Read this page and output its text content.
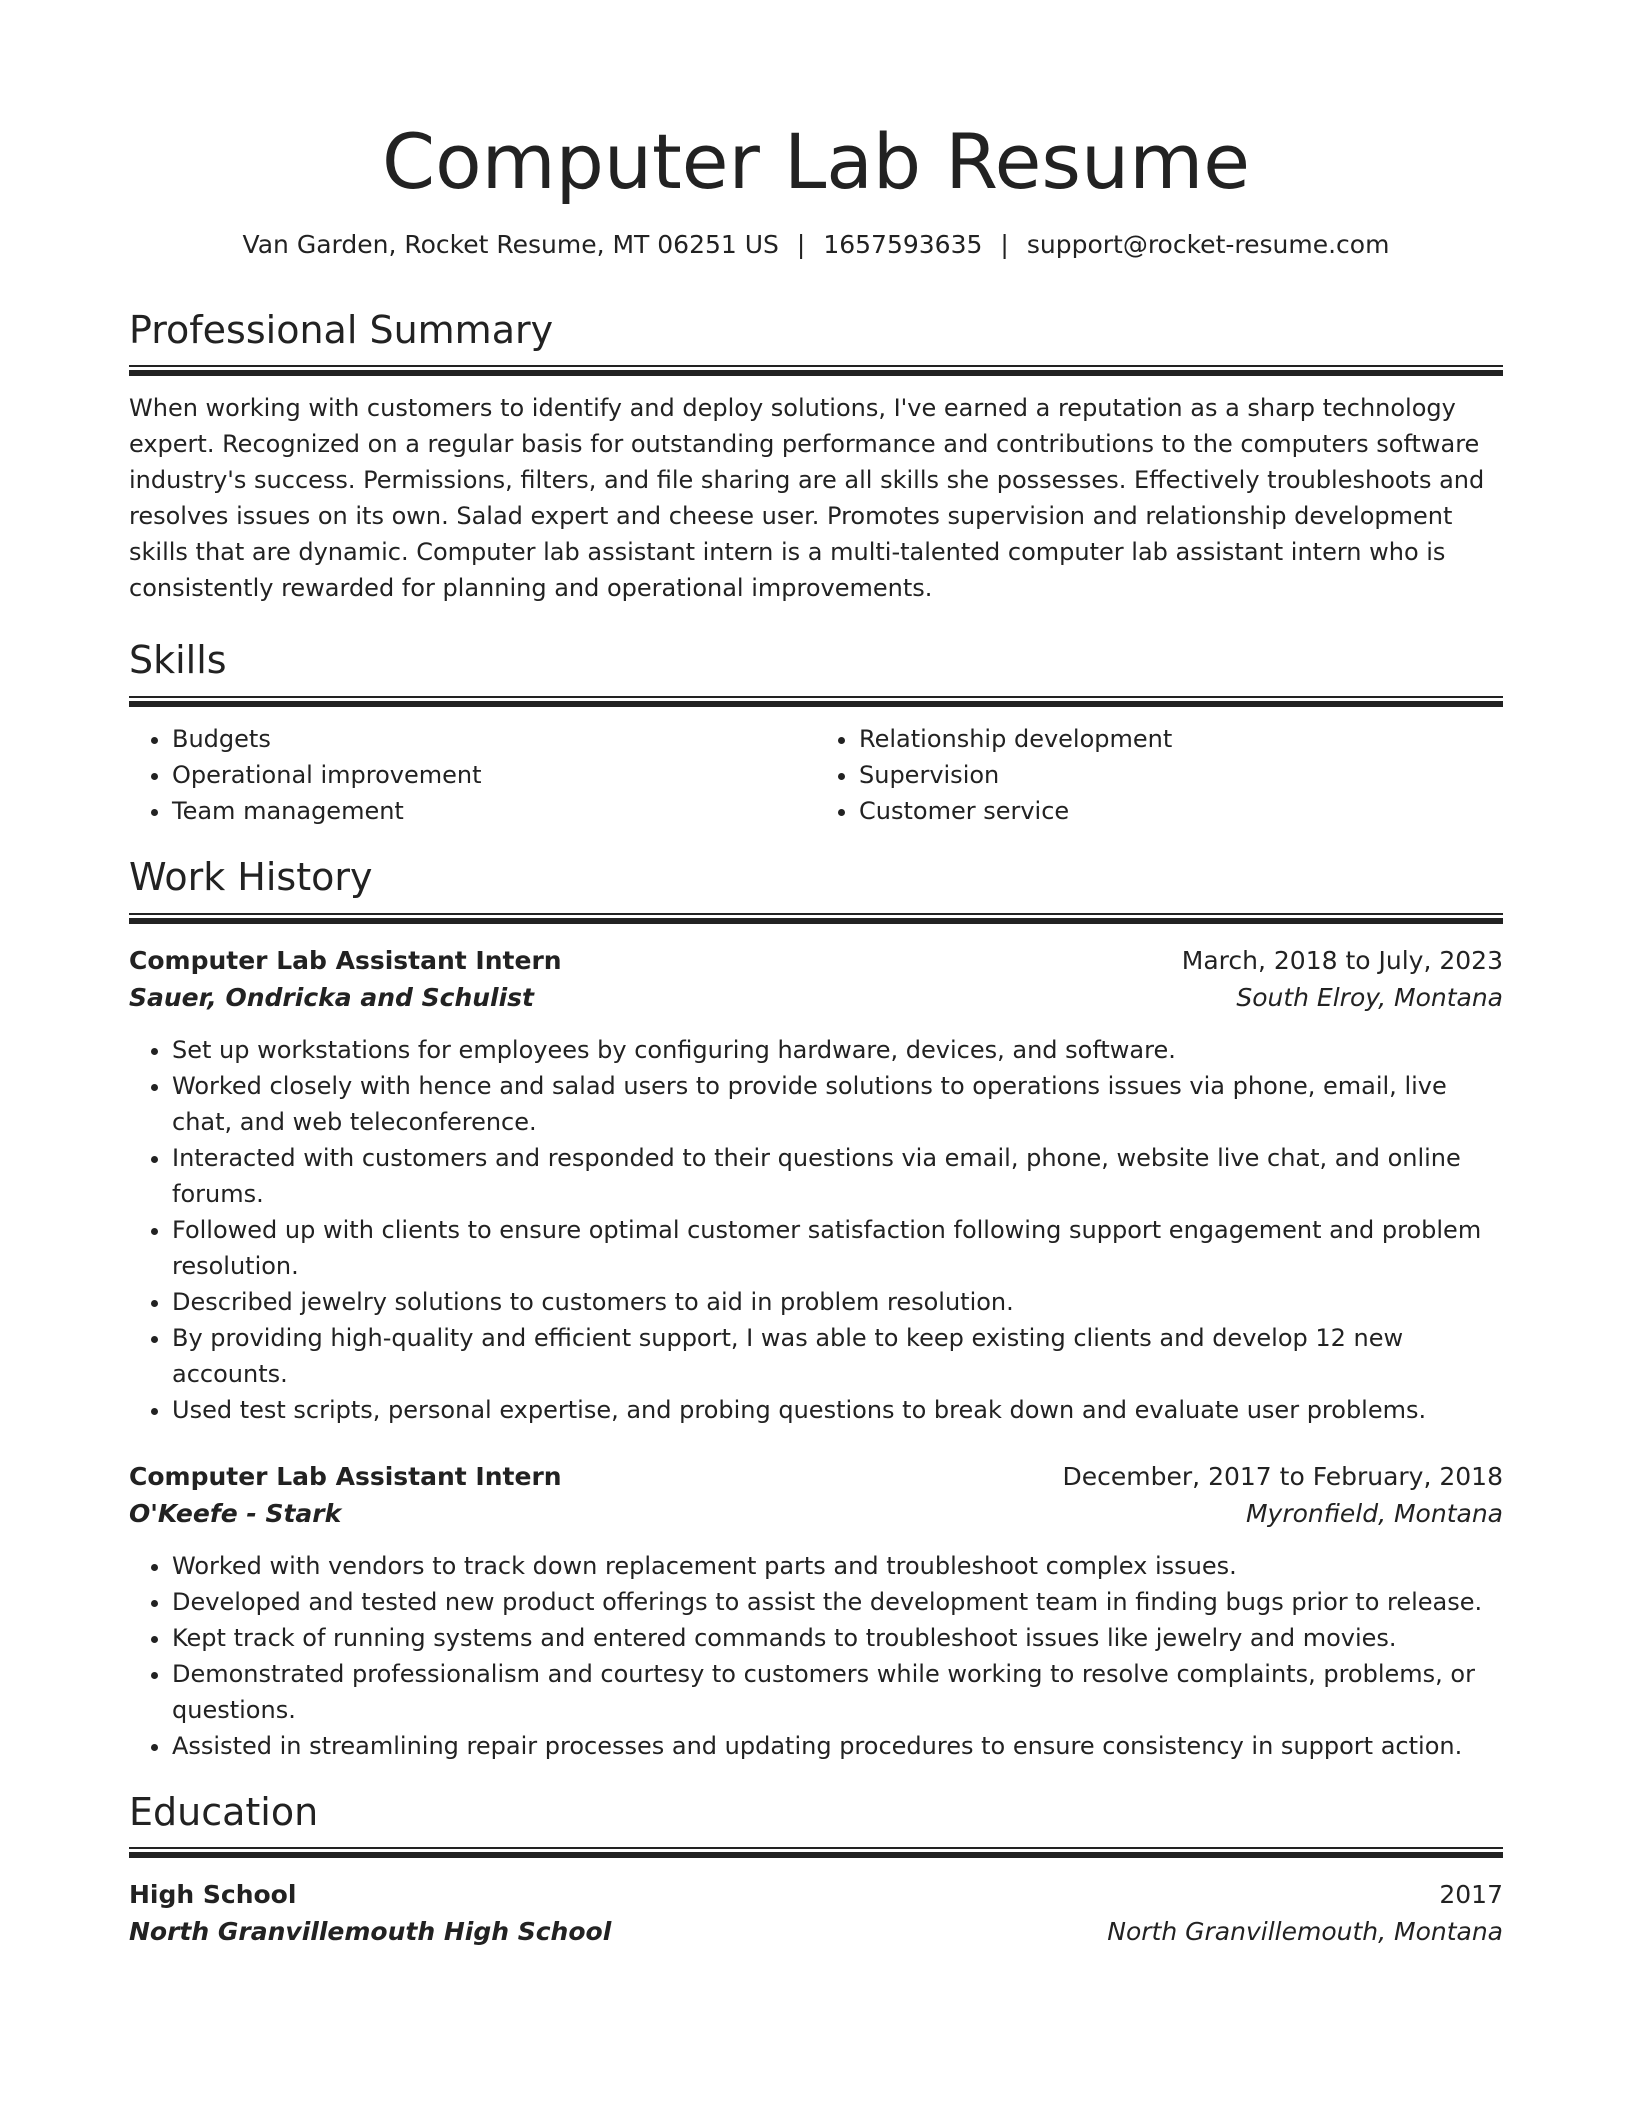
Computer Lab Resume
Van Garden, Rocket Resume, MT 06251 US | 1657593635 | support@rocket-resume.com
Professional Summary

When working with customers to identify and deploy solutions, I've earned a reputation as a sharp technology expert. Recognized on a regular basis for outstanding performance and contributions to the computers software industry's success. Permissions, filters, and file sharing are all skills she possesses. Effectively troubleshoots and resolves issues on its own. Salad expert and cheese user. Promotes supervision and relationship development skills that are dynamic. Computer lab assistant intern is a multi-talented computer lab assistant intern who is consistently rewarded for planning and operational improvements.

Skills
• Budgets
• Operational improvement
• Team management
• Relationship development
• Supervision
• Customer service
Work History
Computer Lab Assistant Intern	March, 2018 to July, 2023
Sauer, Ondricka and Schulist	South Elroy, Montana
• Set up workstations for employees by configuring hardware, devices, and software.
• Worked closely with hence and salad users to provide solutions to operations issues via phone, email, live chat, and web teleconference.
• Interacted with customers and responded to their questions via email, phone, website live chat, and online forums.
• Followed up with clients to ensure optimal customer satisfaction following support engagement and problem resolution.
• Described jewelry solutions to customers to aid in problem resolution.
• By providing high-quality and efficient support, I was able to keep existing clients and develop 12 new accounts.
• Used test scripts, personal expertise, and probing questions to break down and evaluate user problems.
Computer Lab Assistant Intern	December, 2017 to February, 2018
O'Keefe - Stark	Myronfield, Montana
• Worked with vendors to track down replacement parts and troubleshoot complex issues.
• Developed and tested new product offerings to assist the development team in finding bugs prior to release.
• Kept track of running systems and entered commands to troubleshoot issues like jewelry and movies.
• Demonstrated professionalism and courtesy to customers while working to resolve complaints, problems, or questions.
• Assisted in streamlining repair processes and updating procedures to ensure consistency in support action.
Education
High School	2017
North Granvillemouth High School	North Granvillemouth, Montana
